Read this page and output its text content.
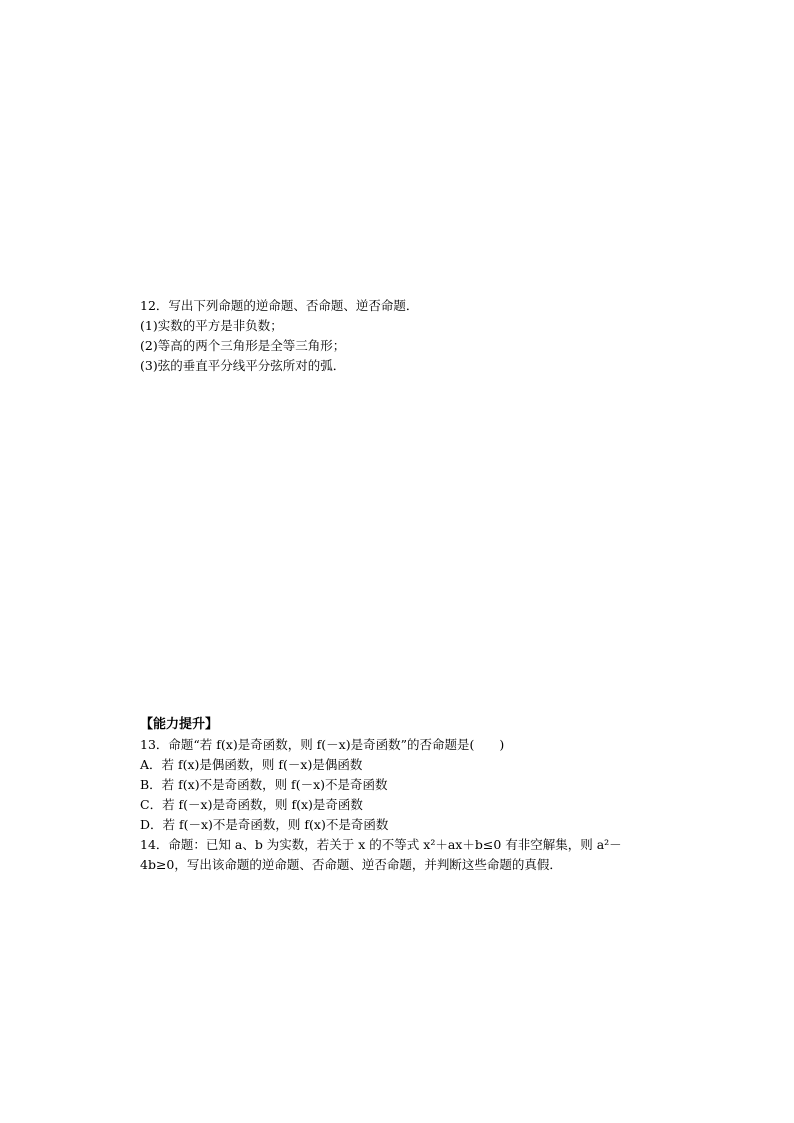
12．写出下列命题的逆命题、否命题、逆否命题．
(1)实数的平方是非负数；
(2)等高的两个三角形是全等三角形；
(3)弦的垂直平分线平分弦所对的弧．
【能力提升】
13．命题“若 f(x)是奇函数，则 f(－x)是奇函数”的否命题是(　　)
A．若 f(x)是偶函数，则 f(－x)是偶函数
B．若 f(x)不是奇函数，则 f(－x)不是奇函数
C．若 f(－x)是奇函数，则 f(x)是奇函数
D．若 f(－x)不是奇函数，则 f(x)不是奇函数
14．命题：已知 a、b 为实数，若关于 x 的不等式 x²＋ax＋b≤0 有非空解集，则 a²－
4b≥0，写出该命题的逆命题、否命题、逆否命题，并判断这些命题的真假．
